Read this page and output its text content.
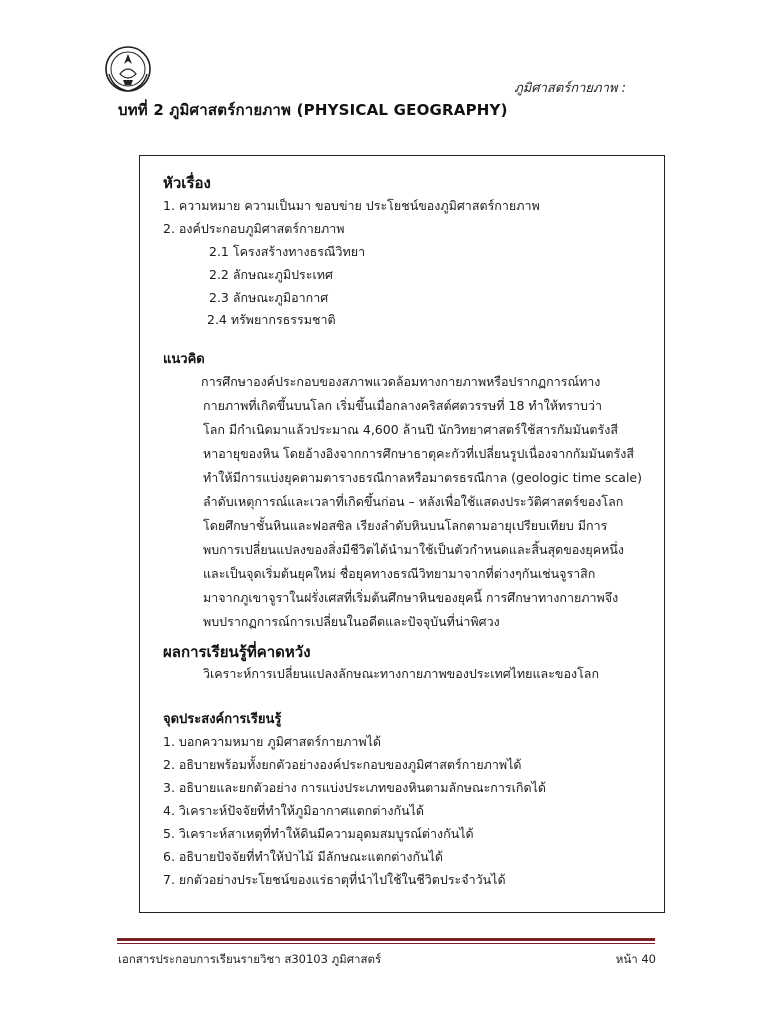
ภูมิศาสตร์กายภาพ :
บทที่ 2 ภูมิศาสตร์กายภาพ (PHYSICAL GEOGRAPHY)
หัวเรื่อง
1. ความหมาย ความเป็นมา ขอบข่าย ประโยชน์ของภูมิศาสตร์กายภาพ
2. องค์ประกอบภูมิศาสตร์กายภาพ
2.1 โครงสร้างทางธรณีวิทยา
2.2 ลักษณะภูมิประเทศ
2.3 ลักษณะภูมิอากาศ
2.4 ทรัพยากรธรรมชาติ
แนวคิด
การศึกษาองค์ประกอบของสภาพแวดล้อมทางกายภาพหรือปรากฏการณ์ทาง
กายภาพที่เกิดขึ้นบนโลก เริ่มขึ้นเมื่อกลางคริสต์ศตวรรษที่ 18 ทำให้ทราบว่า
โลก มีกำเนิดมาแล้วประมาณ 4,600 ล้านปี นักวิทยาศาสตร์ใช้สารกัมมันตรังสี
หาอายุของหิน โดยอ้างอิงจากการศึกษาธาตุคะกัวที่เปลี่ยนรูปเนื่องจากกัมมันตรังสี
ทำให้มีการแบ่งยุคตามตารางธรณีกาลหรือมาตรธรณีกาล (geologic time scale)
ลำดับเหตุการณ์และเวลาที่เกิดขึ้นก่อน – หลังเพื่อใช้แสดงประวัติศาสตร์ของโลก
โดยศึกษาชั้นหินและฟอสซิล เรียงลำดับหินบนโลกตามอายุเปรียบเทียบ มีการ
พบการเปลี่ยนแปลงของสิ่งมีชีวิตได้นำมาใช้เป็นตัวกำหนดและสิ้นสุดของยุคหนึ่ง
และเป็นจุดเริ่มต้นยุคใหม่ ชื่อยุคทางธรณีวิทยามาจากที่ต่างๆกันเช่นจูราสิก
มาจากภูเขาจูราในฝรั่งเศสที่เริ่มต้นศึกษาหินของยุคนี้ การศึกษาทางกายภาพจึง
พบปรากฏการณ์การเปลี่ยนในอดีตและปัจจุบันที่น่าพิศวง
ผลการเรียนรู้ที่คาดหวัง
วิเคราะห์การเปลี่ยนแปลงลักษณะทางกายภาพของประเทศไทยและของโลก
จุดประสงค์การเรียนรู้
1. บอกความหมาย ภูมิศาสตร์กายภาพได้
2. อธิบายพร้อมทั้งยกตัวอย่างองค์ประกอบของภูมิศาสตร์กายภาพได้
3. อธิบายและยกตัวอย่าง การแบ่งประเภทของหินตามลักษณะการเกิดได้
4. วิเคราะห์ปัจจัยที่ทำให้ภูมิอากาศแตกต่างกันได้
5. วิเคราะห์สาเหตุที่ทำให้ดินมีความอุดมสมบูรณ์ต่างกันได้
6. อธิบายปัจจัยที่ทำให้ป่าไม้ มีลักษณะแตกต่างกันได้
7. ยกตัวอย่างประโยชน์ของแร่ธาตุที่นำไปใช้ในชีวิตประจำวันได้
เอกสารประกอบการเรียนรายวิชา ส30103 ภูมิศาสตร์	หน้า 40
